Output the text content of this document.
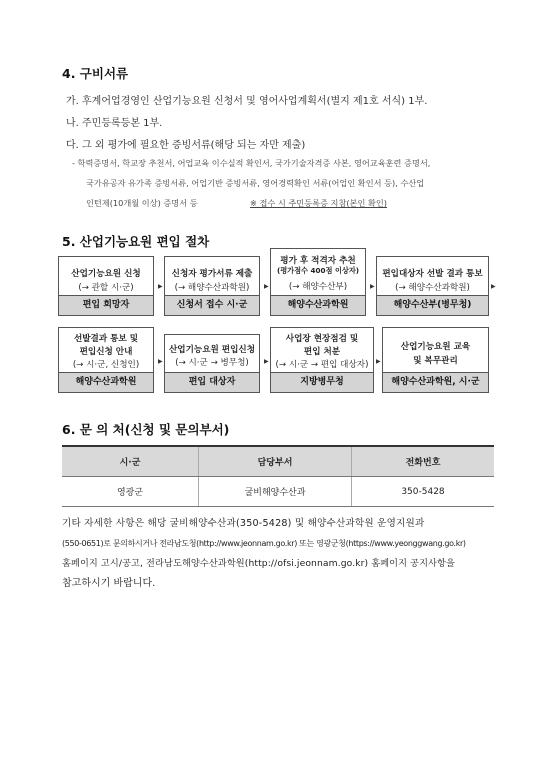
4. 구비서류
가. 후계어업경영인 산업기능요원 신청서 및 영어사업계획서(별지 제1호 서식) 1부.
나. 주민등록등본 1부.
다. 그 외 평가에 필요한 증빙서류(해당 되는 자만 제출)
- 학력증명서, 학교장 추천서, 어업교육 이수실적 확인서, 국가기술자격증 사본, 영어교육훈련 증명서,
국가유공자 유가족 증빙서류, 어업기반 증빙서류, 영어경력확인 서류(어업인 확인서 등), 수산업
인턴제(10개월 이상) 증명서 등	※ 접수 시 주민등록증 지참(본인 확인)
5. 산업기능요원 편입 절차
산업기능요원 신청
(→ 관할 시·군)
편입 희망자
▶
신청자 평가서류 제출
(→ 해양수산과학원)
신청서 접수 시·군
▶
평가 후 적격자 추천
(평가점수 400점 이상자)
(→ 해양수산부)
해양수산과학원
▶
편입대상자 선발 결과 통보
(→ 해양수산과학원)
해양수산부(병무청)
▶
선발결과 통보 및
편입신청 안내
(→ 시·군, 신청인)
해양수산과학원
▶
산업기능요원 편입신청
(→ 시·군 → 병무청)
편입 대상자
▶
사업장 현장점검 및
편입 처분
(→ 시·군 → 편입 대상자)
지방병무청
▶
산업기능요원 교육
및 복무관리
해양수산과학원, 시·군
6. 문 의 처(신청 및 문의부서)
시·군	담당부서	전화번호
영광군	굴비해양수산과	350-5428
기타 자세한 사항은 해당 굴비해양수산과(350-5428) 및 해양수산과학원 운영지원과
(550-0651)로 문의하시거나 전라남도청(http://www.jeonnam.go.kr) 또는 영광군청(https://www.yeonggwang.go.kr)
홈페이지 고시/공고, 전라남도해양수산과학원(http://ofsi.jeonnam.go.kr) 홈페이지 공지사항을
참고하시기 바랍니다.
